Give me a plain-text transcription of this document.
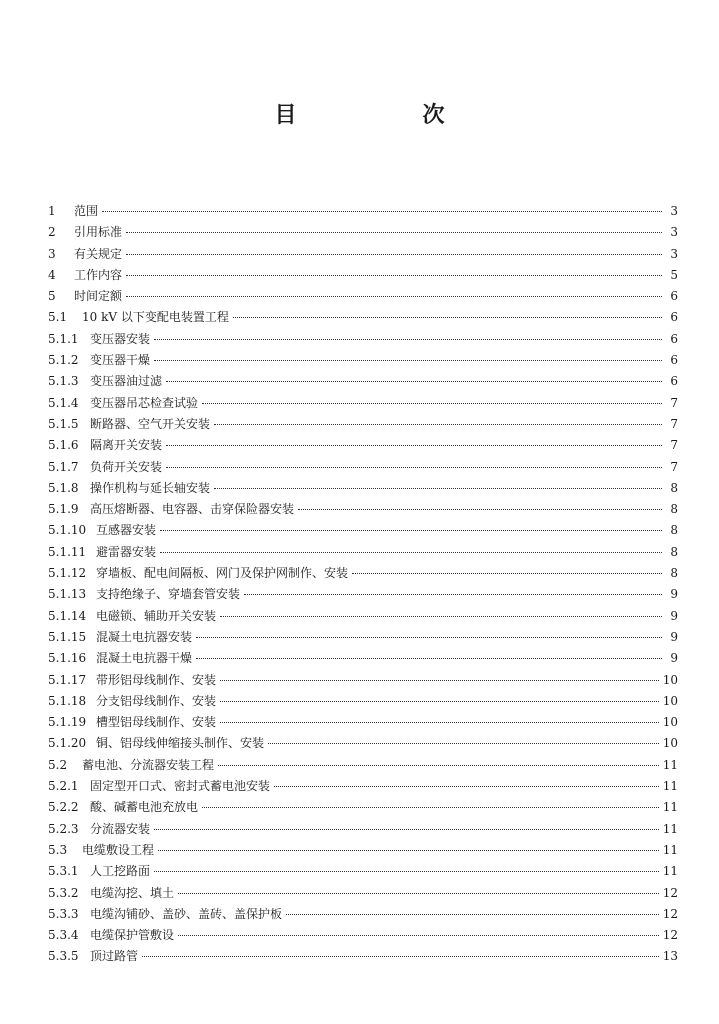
目　次
1	范围	3
2	引用标准	3
3	有关规定	3
4	工作内容	5
5	时间定额	6
5.1	10 kV 以下变配电装置工程	6
5.1.1 变压器安装	6
5.1.2 变压器干燥	6
5.1.3 变压器油过滤	6
5.1.4 变压器吊芯检查试验	7
5.1.5 断路器、空气开关安装	7
5.1.6 隔离开关安装	7
5.1.7 负荷开关安装	7
5.1.8 操作机构与延长轴安装	8
5.1.9 高压熔断器、电容器、击穿保险器安装	8
5.1.10 互感器安装	8
5.1.11 避雷器安装	8
5.1.12 穿墙板、配电间隔板、网门及保护网制作、安装	8
5.1.13 支持绝缘子、穿墙套管安装	9
5.1.14 电磁锁、辅助开关安装	9
5.1.15 混凝土电抗器安装	9
5.1.16 混凝土电抗器干燥	9
5.1.17 带形铝母线制作、安装	10
5.1.18 分支铝母线制作、安装	10
5.1.19 槽型铝母线制作、安装	10
5.1.20 铜、铝母线伸缩接头制作、安装	10
5.2	蓄电池、分流器安装工程	11
5.2.1 固定型开口式、密封式蓄电池安装	11
5.2.2 酸、碱蓄电池充放电	11
5.2.3 分流器安装	11
5.3	电缆敷设工程	11
5.3.1 人工挖路面	11
5.3.2 电缆沟挖、填土	12
5.3.3 电缆沟铺砂、盖砂、盖砖、盖保护板	12
5.3.4 电缆保护管敷设	12
5.3.5 顶过路管	13
